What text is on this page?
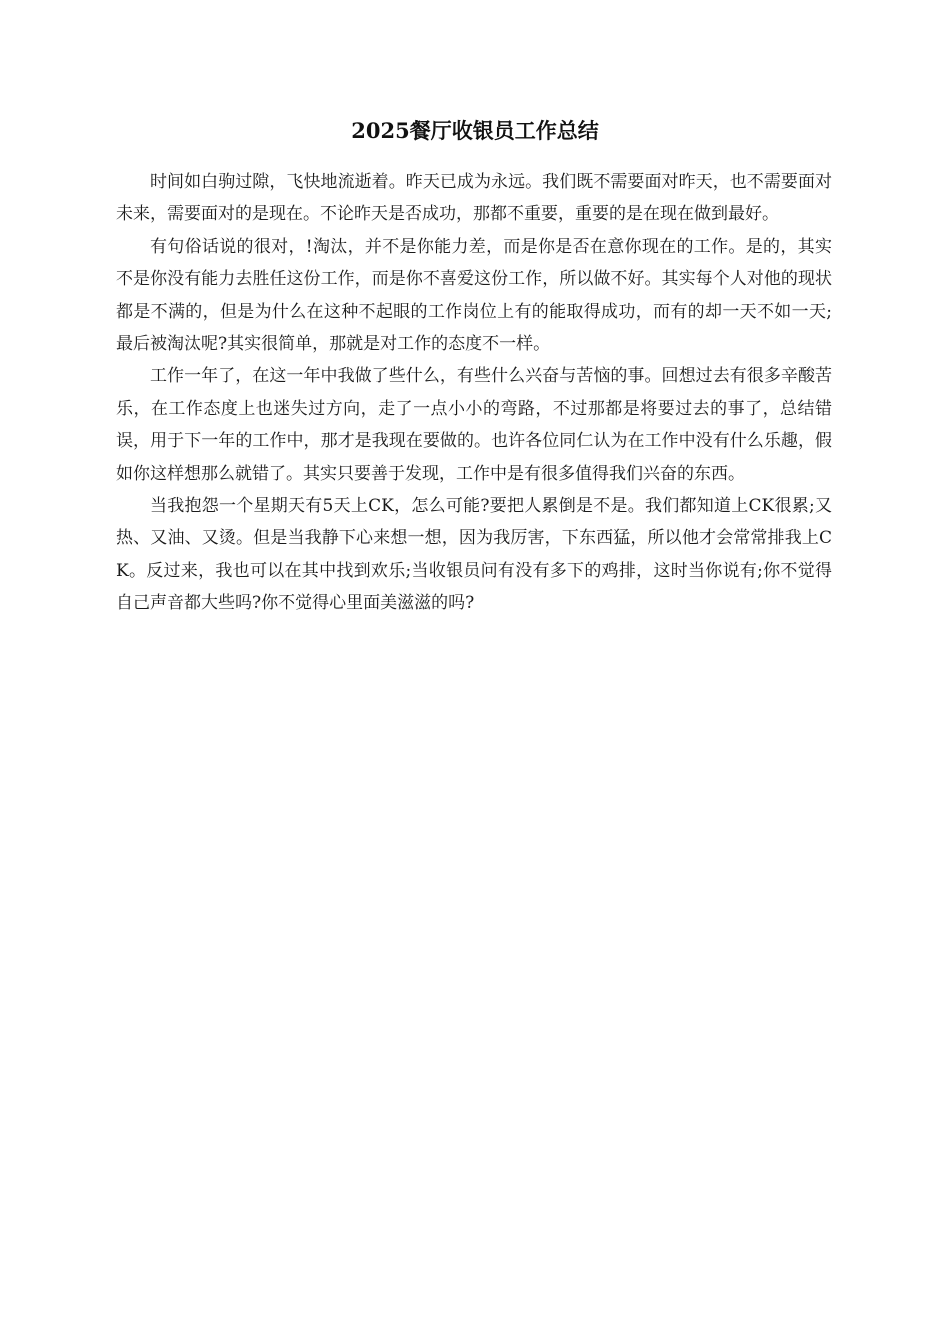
2025餐厅收银员工作总结

时间如白驹过隙，飞快地流逝着。昨天已成为永远。我们既不需要面对昨天，也不需要面对未来，需要面对的是现在。不论昨天是否成功，那都不重要，重要的是在现在做到最好。

有句俗话说的很对，!淘汰，并不是你能力差，而是你是否在意你现在的工作。是的，其实不是你没有能力去胜任这份工作，而是你不喜爱这份工作，所以做不好。其实每个人对他的现状都是不满的，但是为什么在这种不起眼的工作岗位上有的能取得成功，而有的却一天不如一天;最后被淘汰呢?其实很简单，那就是对工作的态度不一样。

工作一年了，在这一年中我做了些什么，有些什么兴奋与苦恼的事。回想过去有很多辛酸苦乐，在工作态度上也迷失过方向，走了一点小小的弯路，不过那都是将要过去的事了，总结错误，用于下一年的工作中，那才是我现在要做的。也许各位同仁认为在工作中没有什么乐趣，假如你这样想那么就错了。其实只要善于发现，工作中是有很多值得我们兴奋的东西。

当我抱怨一个星期天有5天上CK，怎么可能?要把人累倒是不是。我们都知道上CK很累;又热、又油、又烫。但是当我静下心来想一想，因为我厉害，下东西猛，所以他才会常常排我上CK。反过来，我也可以在其中找到欢乐;当收银员问有没有多下的鸡排，这时当你说有;你不觉得自己声音都大些吗?你不觉得心里面美滋滋的吗?
